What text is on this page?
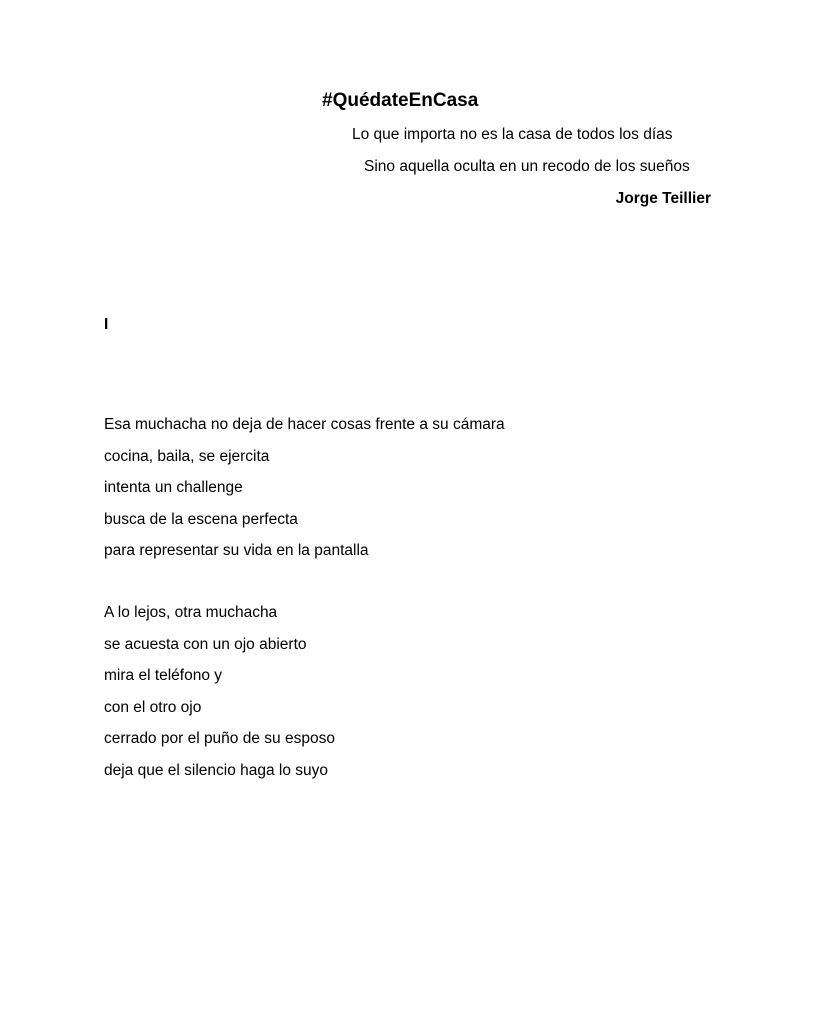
#QuédateEnCasa
Lo que importa no es la casa de todos los días
Sino aquella oculta en un recodo de los sueños
Jorge Teillier
I
Esa muchacha no deja de hacer cosas frente a su cámara
cocina, baila, se ejercita
intenta un challenge
busca de la escena perfecta
para representar su vida en la pantalla
A lo lejos, otra muchacha
se acuesta con un ojo abierto
mira el teléfono y
con el otro ojo
cerrado por el puño de su esposo
deja que el silencio haga lo suyo
